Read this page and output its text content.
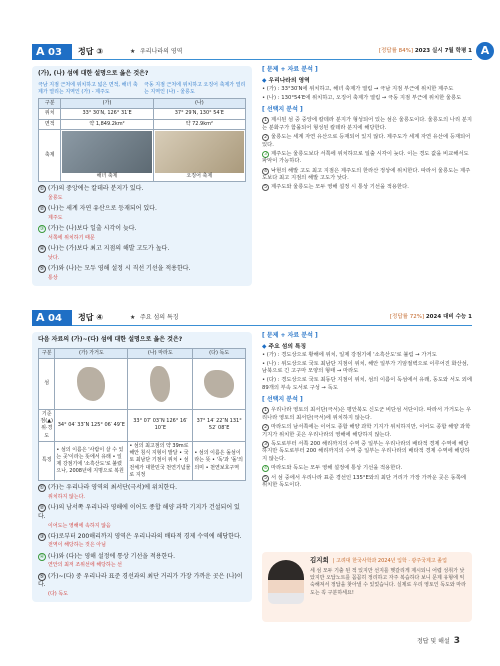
A 03	정답 ③	★ 우리나라의 영역	[정답률 84%] 2023 실시 7월 학평 1 A
(가), (나) 섬에 대한 설명으로 옳은 것은?
극남 지점 근처에 위치하고 넓은 면적, 해녀 축제가 열리는 지역인 (가) - 제주도
극동 지점 근처에 위치하고 오징어 축제가 열리는 지역인 (나) - 울릉도
구분	(가)	(나)
위치	33° 30′N, 126° 31′E	37° 29′N, 130° 54′E
면적	약 1,849.2km²	약 72.9km²
축제	해녀 축제	오징어 축제
① (가)의 중앙에는 칼데라 분지가 있다.
울릉도
② (나)는 세계 자연 유산으로 등재되어 있다.
제주도
③ (가)는 (나)보다 일출 시각이 늦다.
서쪽에 위치하기 때문
④ (나)는 (가)보다 최고 지점의 해발 고도가 높다.
낮다.
⑤ (가)와 (나)는 모두 영해 설정 시 직선 기선을 적용한다.
통상
[ 문제 + 자료 분석 ]
◆ 우리나라의 영역
• (가) : 33°30′N에 위치하고, 해녀 축제가 열림 → 극남 지점 부근에 위치한 제주도
• (나) : 130°54′E에 위치하고, 오징어 축제가 열림 → 극동 지점 부근에 위치한 울릉도
[ 선택지 분석 ]
1 제시된 섬 중 중앙에 칼데라 분지가 형성되어 있는 섬은 울릉도이다. 울릉도의 나리 분지는 분화구가 함몰되어 형성된 칼데라 분지에 해당한다.
2 울릉도는 세계 자연 유산으로 등재되어 있지 않다. 제주도가 세계 자연 유산에 등재되어 있다.
3 제주도는 울릉도보다 서쪽에 위치하므로 일출 시각이 늦다. 이는 경도 값을 비교해서도 파악이 가능하다.
4 낙현의 해발 고도 최고 지점은 제주도의 한라산 정상에 위치한다. 따라서 울릉도는 제주도보다 최고 지점의 해발 고도가 낮다.
5 제주도와 울릉도는 모두 영해 설정 시 통상 기선을 적용한다.
A 04	정답 ④	★ 주요 섬의 특징	[정답률 72%] 2024 대비 수능 1
다음 자료의 (가)~(다) 섬에 대한 설명으로 옳은 것은?
구분	(가) 가거도	(나) 마라도	(다) 독도
섬	

기준점(▲) 위·경도	34° 04′ 33″N 125° 06′ 49″E	33° 07′ 03″N 126° 16′ 10″E	37° 14′ 22″N 131° 52′ 08″E
특징	• 섬의 이름은 '사람이 살 수 있는 곳'이라는 뜻에서 유래 • 일제 강점기에 '소흑산도'로 불렸으나, 2008년에 지명으로 복원	• 섬의 최고점의 약 39m로 해안 침식 지형이 발달 • 국토 최남단 기점이 위치 • 섬 전체가 대한민국 천연기념물로 지정	• 섬의 이름은 돌섬이라는 뜻 • '독'과 '돌'의 의미 • 천연보호구역
① (가)는 우리나라 영역의 최서단(극서)에 위치한다.
위치하지 않는다.
② (나)의 남서쪽 우리나라 영해에 이어도 종합 해양 과학 기지가 건설되어 있다.
이어도는 영해에 속하지 않음
③ (다)로부터 200해리까지 영역은 우리나라의 배타적 경제 수역에 해당한다.
전역이 해당하는 것은 아님
④ (나)와 (다)는 영해 설정에 통상 기선을 적용한다.
연안의 최저 조위선에 해당하는 선
⑤ (가)~(다) 중 우리나라 표준 경선과의 최단 거리가 가장 가까운 곳은 (나)이다.
(다) 독도
[ 문제 + 자료 분석 ]
◆ 주요 섬의 특징
• (가) : 경도상으로 황해에 위치, 일제 강점기에 '소흑산도'로 불림 → 가거도
• (나) : 위도상으로 국토 최남단 지점이 위치, 해안 일부가 기암절벽으로 이루어진 화산섬, 남북으로 긴 고구마 모양의 형태 → 마라도
• (다) : 경도상으로 국토 최동단 지점이 위치, 섬의 이름이 독섬에서 유래, 동도와 서도 외에 89개의 부속 도서로 구성 → 독도
[ 선택지 분석 ]
1 우리나라 영토의 최서단(극서)은 평안북도 신도군 비단섬 서단이다. 따라서 가거도는 우리나라 영토의 최서단(극서)에 위치하지 않는다.
2 마라도의 남서쪽에는 이어도 종합 해양 과학 기지가 위치하지만, 이어도 종합 해양 과학 기지가 위치한 곳은 우리나라의 영해에 해당하지 않는다.
3 독도로부터 서쪽 200 해리까지의 수역 중 일부는 우리나라의 배타적 경제 수역에 해당하지만 독도로부터 200 해리까지의 수역 중 일부는 우리나라의 배타적 경제 수역에 해당하지 않는다.
4 마라도와 독도는 모두 영해 설정에 통상 기선을 적용한다.
5 서 섬 중에서 우리나라 표준 경선인 135°E와의 최단 거리가 가장 가까운 곳은 동쪽에 위치한 독도이다.
김지희 | 고려대 한국사학과 2024년 입학 · 광주국제고 졸업
세 섬 모두 기출 된 적 있지만 선지를 헷갈리게 제시되니 어렵 성취가 낮았지만 오답노트를 꼼꼼히 정리하고 자주 복습하다 보니 문제 유형에 익숙해져서 정답을 찾아낼 수 있었습니다. 실제로 우리 영토인 독도와 마라도는 꼭 구분하세요!
정답 및 해설 3
